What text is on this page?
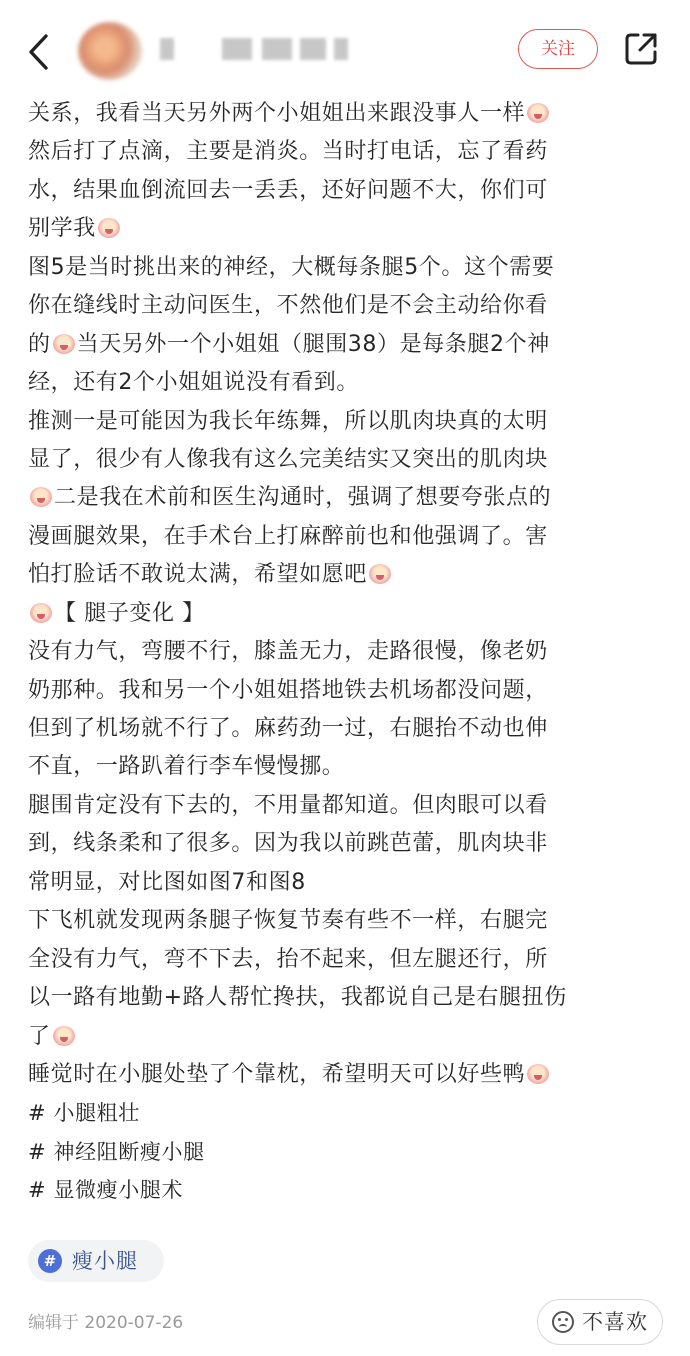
关注
关系，我看当天另外两个小姐姐出来跟没事人一样
然后打了点滴，主要是消炎。当时打电话，忘了看药
水，结果血倒流回去一丢丢，还好问题不大，你们可
别学我
图5是当时挑出来的神经，大概每条腿5个。这个需要
你在缝线时主动问医生，不然他们是不会主动给你看
的 当天另外一个小姐姐（腿围38）是每条腿2个神
经，还有2个小姐姐说没有看到。
推测一是可能因为我长年练舞，所以肌肉块真的太明
显了，很少有人像我有这么完美结实又突出的肌肉块
二是我在术前和医生沟通时，强调了想要夸张点的
漫画腿效果，在手术台上打麻醉前也和他强调了。害
怕打脸话不敢说太满，希望如愿吧
【 腿子变化 】
没有力气，弯腰不行，膝盖无力，走路很慢，像老奶
奶那种。我和另一个小姐姐搭地铁去机场都没问题，
但到了机场就不行了。麻药劲一过，右腿抬不动也伸
不直，一路趴着行李车慢慢挪。
腿围肯定没有下去的，不用量都知道。但肉眼可以看
到，线条柔和了很多。因为我以前跳芭蕾，肌肉块非
常明显，对比图如图7和图8
下飞机就发现两条腿子恢复节奏有些不一样，右腿完
全没有力气，弯不下去，抬不起来，但左腿还行，所
以一路有地勤+路人帮忙搀扶，我都说自己是右腿扭伤
了
睡觉时在小腿处垫了个靠枕，希望明天可以好些鸭
# 小腿粗壮
# 神经阻断瘦小腿
# 显微瘦小腿术
# 瘦小腿
编辑于 2020-07-26	不喜欢
